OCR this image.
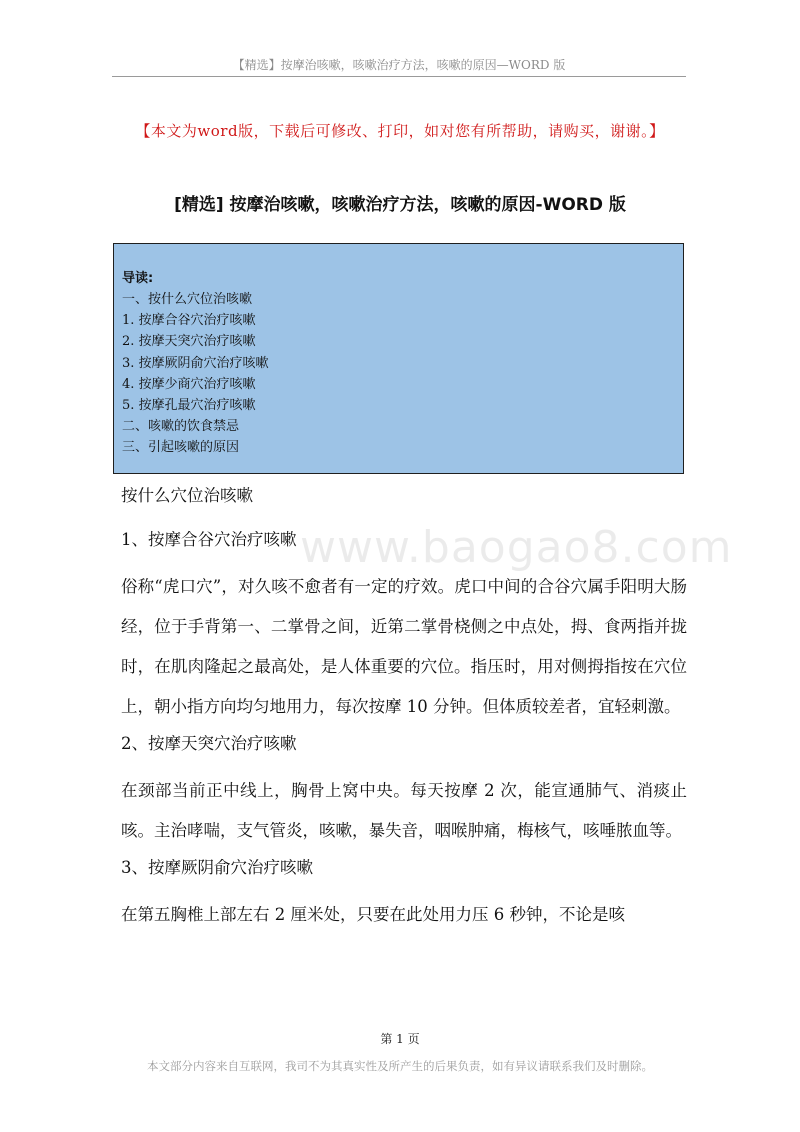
【精选】按摩治咳嗽，咳嗽治疗方法，咳嗽的原因—WORD 版
【本文为word版，下载后可修改、打印，如对您有所帮助，请购买，谢谢。】
[精选] 按摩治咳嗽，咳嗽治疗方法，咳嗽的原因-WORD 版
导读:
一、按什么穴位治咳嗽
1. 按摩合谷穴治疗咳嗽
2. 按摩天突穴治疗咳嗽
3. 按摩厥阴俞穴治疗咳嗽
4. 按摩少商穴治疗咳嗽
5. 按摩孔最穴治疗咳嗽
二、咳嗽的饮食禁忌
三、引起咳嗽的原因
www.baogao8.com

按什么穴位治咳嗽

1、按摩合谷穴治疗咳嗽

俗称“虎口穴”，对久咳不愈者有一定的疗效。虎口中间的合谷穴属手阳明大肠经，位于手背第一、二掌骨之间，近第二掌骨桡侧之中点处，拇、食两指并拢时，在肌肉隆起之最高处，是人体重要的穴位。指压时，用对侧拇指按在穴位上，朝小指方向均匀地用力，每次按摩 10 分钟。但体质较差者，宜轻刺激。

2、按摩天突穴治疗咳嗽

在颈部当前正中线上，胸骨上窝中央。每天按摩 2 次，能宣通肺气、消痰止咳。主治哮喘，支气管炎，咳嗽，暴失音，咽喉肿痛，梅核气，咳唾脓血等。

3、按摩厥阴俞穴治疗咳嗽

在第五胸椎上部左右 2 厘米处，只要在此处用力压 6 秒钟，不论是咳

第 1 页
本文部分内容来自互联网，我司不为其真实性及所产生的后果负责，如有异议请联系我们及时删除。
